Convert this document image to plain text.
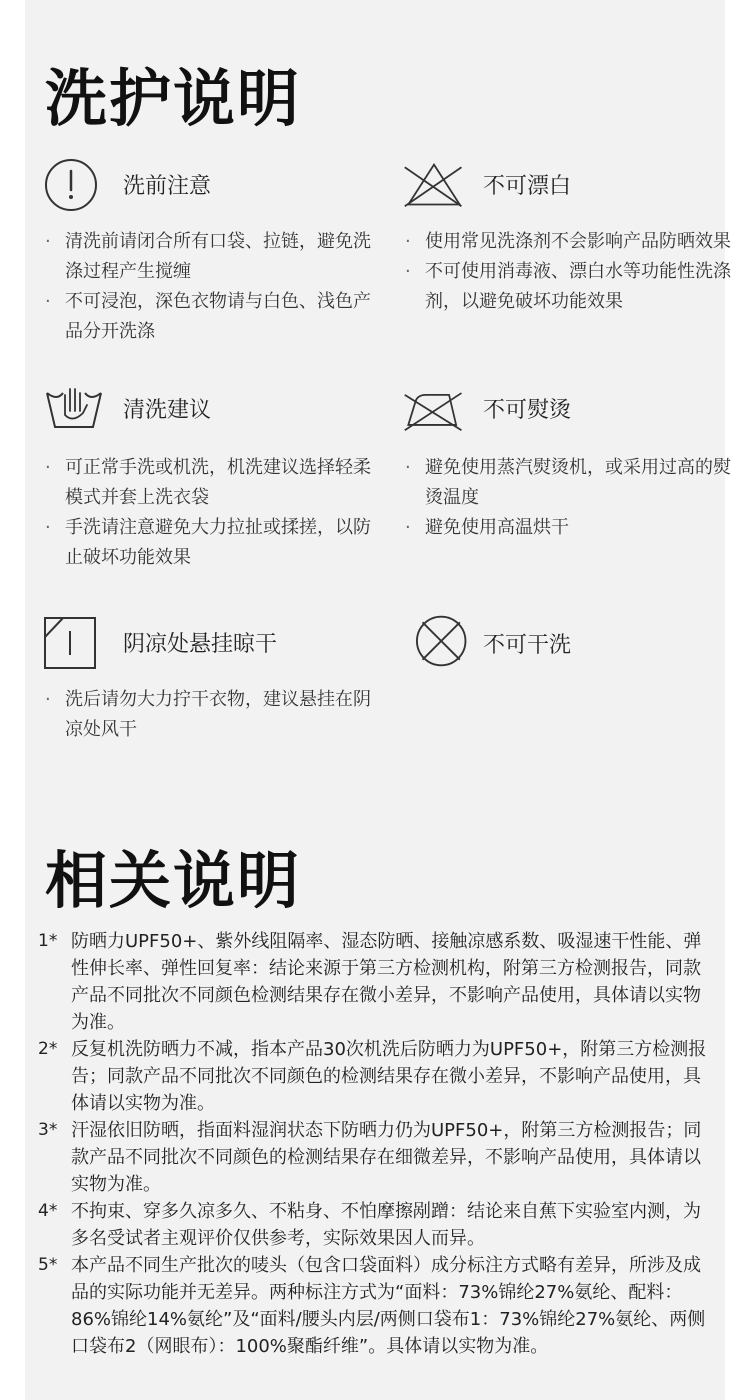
洗护说明
洗前注意
· 清洗前请闭合所有口袋、拉链，避免洗涤过程产生搅缠
· 不可浸泡，深色衣物请与白色、浅色产品分开洗涤
不可漂白
· 使用常见洗涤剂不会影响产品防晒效果
· 不可使用消毒液、漂白水等功能性洗涤剂，以避免破坏功能效果
清洗建议
· 可正常手洗或机洗，机洗建议选择轻柔模式并套上洗衣袋
· 手洗请注意避免大力拉扯或揉搓，以防止破坏功能效果
不可熨烫
· 避免使用蒸汽熨烫机，或采用过高的熨烫温度
· 避免使用高温烘干
阴凉处悬挂晾干
· 洗后请勿大力拧干衣物，建议悬挂在阴凉处风干
不可干洗
相关说明
1* 防晒力UPF50+、紫外线阻隔率、湿态防晒、接触凉感系数、吸湿速干性能、弹性伸长率、弹性回复率：结论来源于第三方检测机构，附第三方检测报告，同款产品不同批次不同颜色检测结果存在微小差异，不影响产品使用，具体请以实物为准。
2* 反复机洗防晒力不减，指本产品30次机洗后防晒力为UPF50+，附第三方检测报告；同款产品不同批次不同颜色的检测结果存在微小差异，不影响产品使用，具体请以实物为准。
3* 汗湿依旧防晒，指面料湿润状态下防晒力仍为UPF50+，附第三方检测报告；同款产品不同批次不同颜色的检测结果存在细微差异，不影响产品使用，具体请以实物为准。
4* 不拘束、穿多久凉多久、不粘身、不怕摩擦剐蹭：结论来自蕉下实验室内测，为多名受试者主观评价仅供参考，实际效果因人而异。
5* 本产品不同生产批次的唛头（包含口袋面料）成分标注方式略有差异，所涉及成品的实际功能并无差异。两种标注方式为“面料：73%锦纶27%氨纶、配料：86%锦纶14%氨纶”及“面料/腰头内层/两侧口袋布1：73%锦纶27%氨纶、两侧口袋布2（网眼布）：100%聚酯纤维”。具体请以实物为准。
